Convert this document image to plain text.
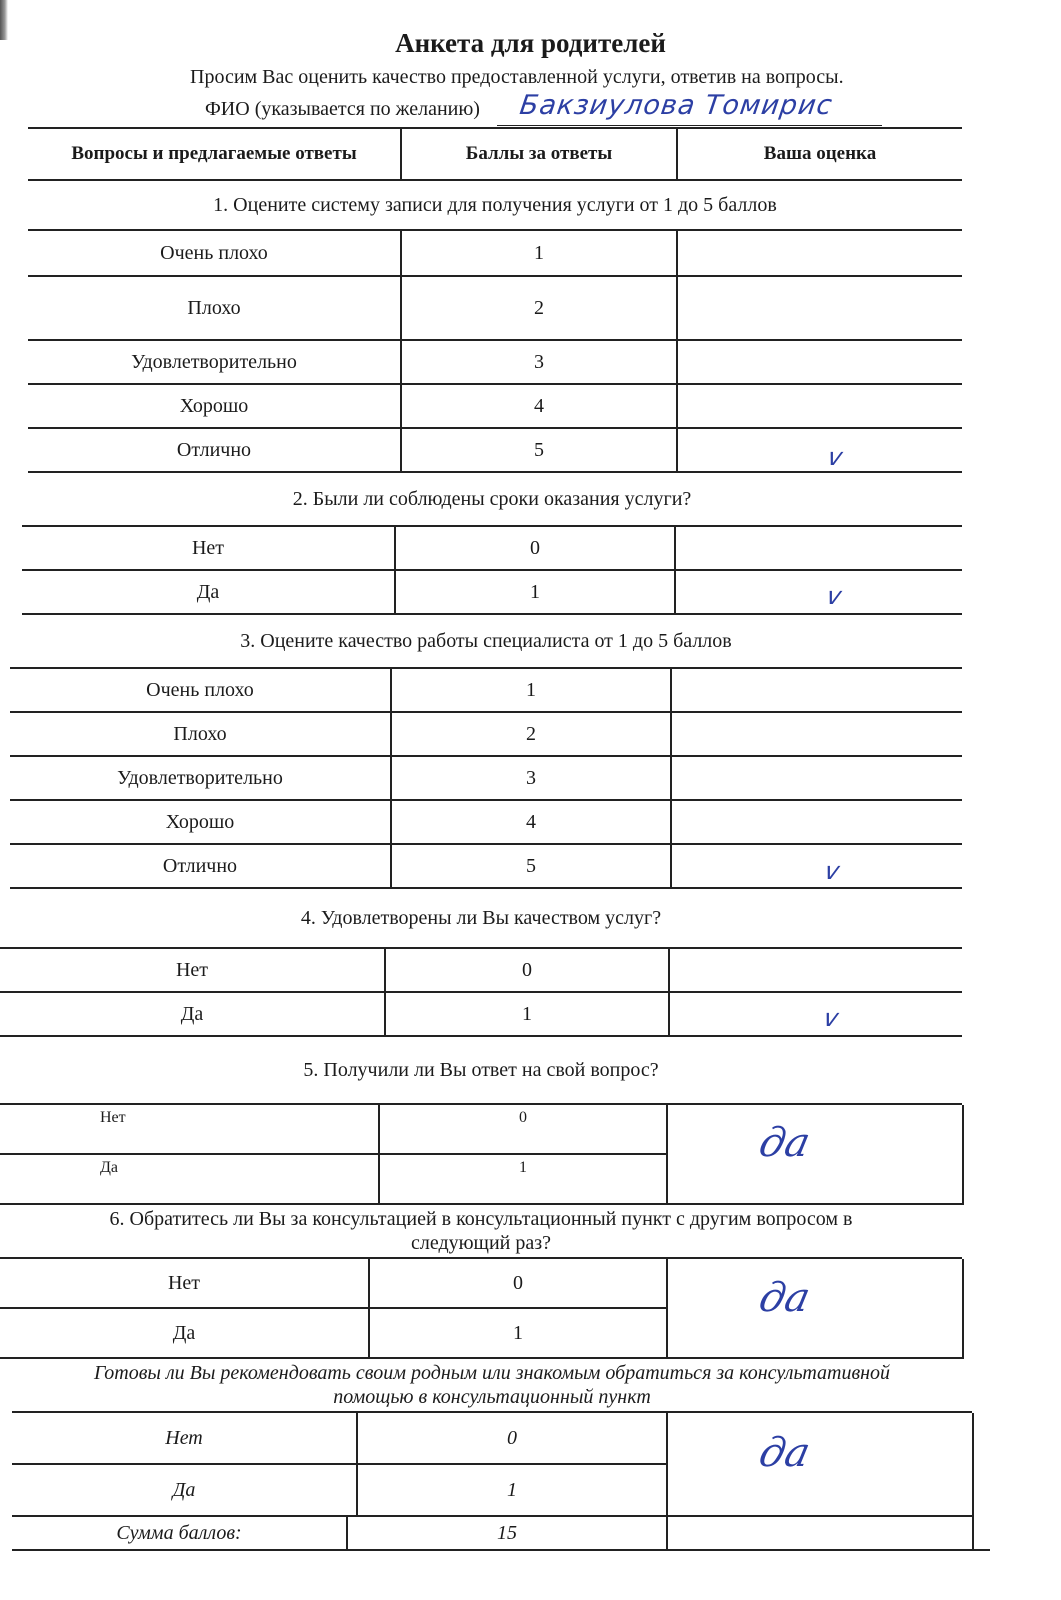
Анкета для родителей
Просим Вас оценить качество предоставленной услуги, ответив на вопросы.
ФИО (указывается по желанию) Бакзиулова Томирис
Вопросы и предлагаемые ответы	Баллы за ответы	Ваша оценка
1. Оцените систему записи для получения услуги от 1 до 5 баллов
Очень плохо	1
Плохо	2
Удовлетворительно	3
Хорошо	4
Отлично	5	v
2. Были ли соблюдены сроки оказания услуги?
Нет	0
Да	1	v
3. Оцените качество работы специалиста от 1 до 5 баллов
Очень плохо	1
Плохо	2
Удовлетворительно	3
Хорошо	4
Отлично	5	v
4. Удовлетворены ли Вы качеством услуг?
Нет	0
Да	1	v
5. Получили ли Вы ответ на свой вопрос?
Нет	0
Да	1
да
6. Обратитесь ли Вы за консультацией в консультационный пункт с другим вопросом в
следующий раз?
Нет	0
Да	1
да
Готовы ли Вы рекомендовать своим родным или знакомым обратиться за консультативной
помощью в консультационный пункт
Нет	0
Да	1
да
Сумма баллов:	15
